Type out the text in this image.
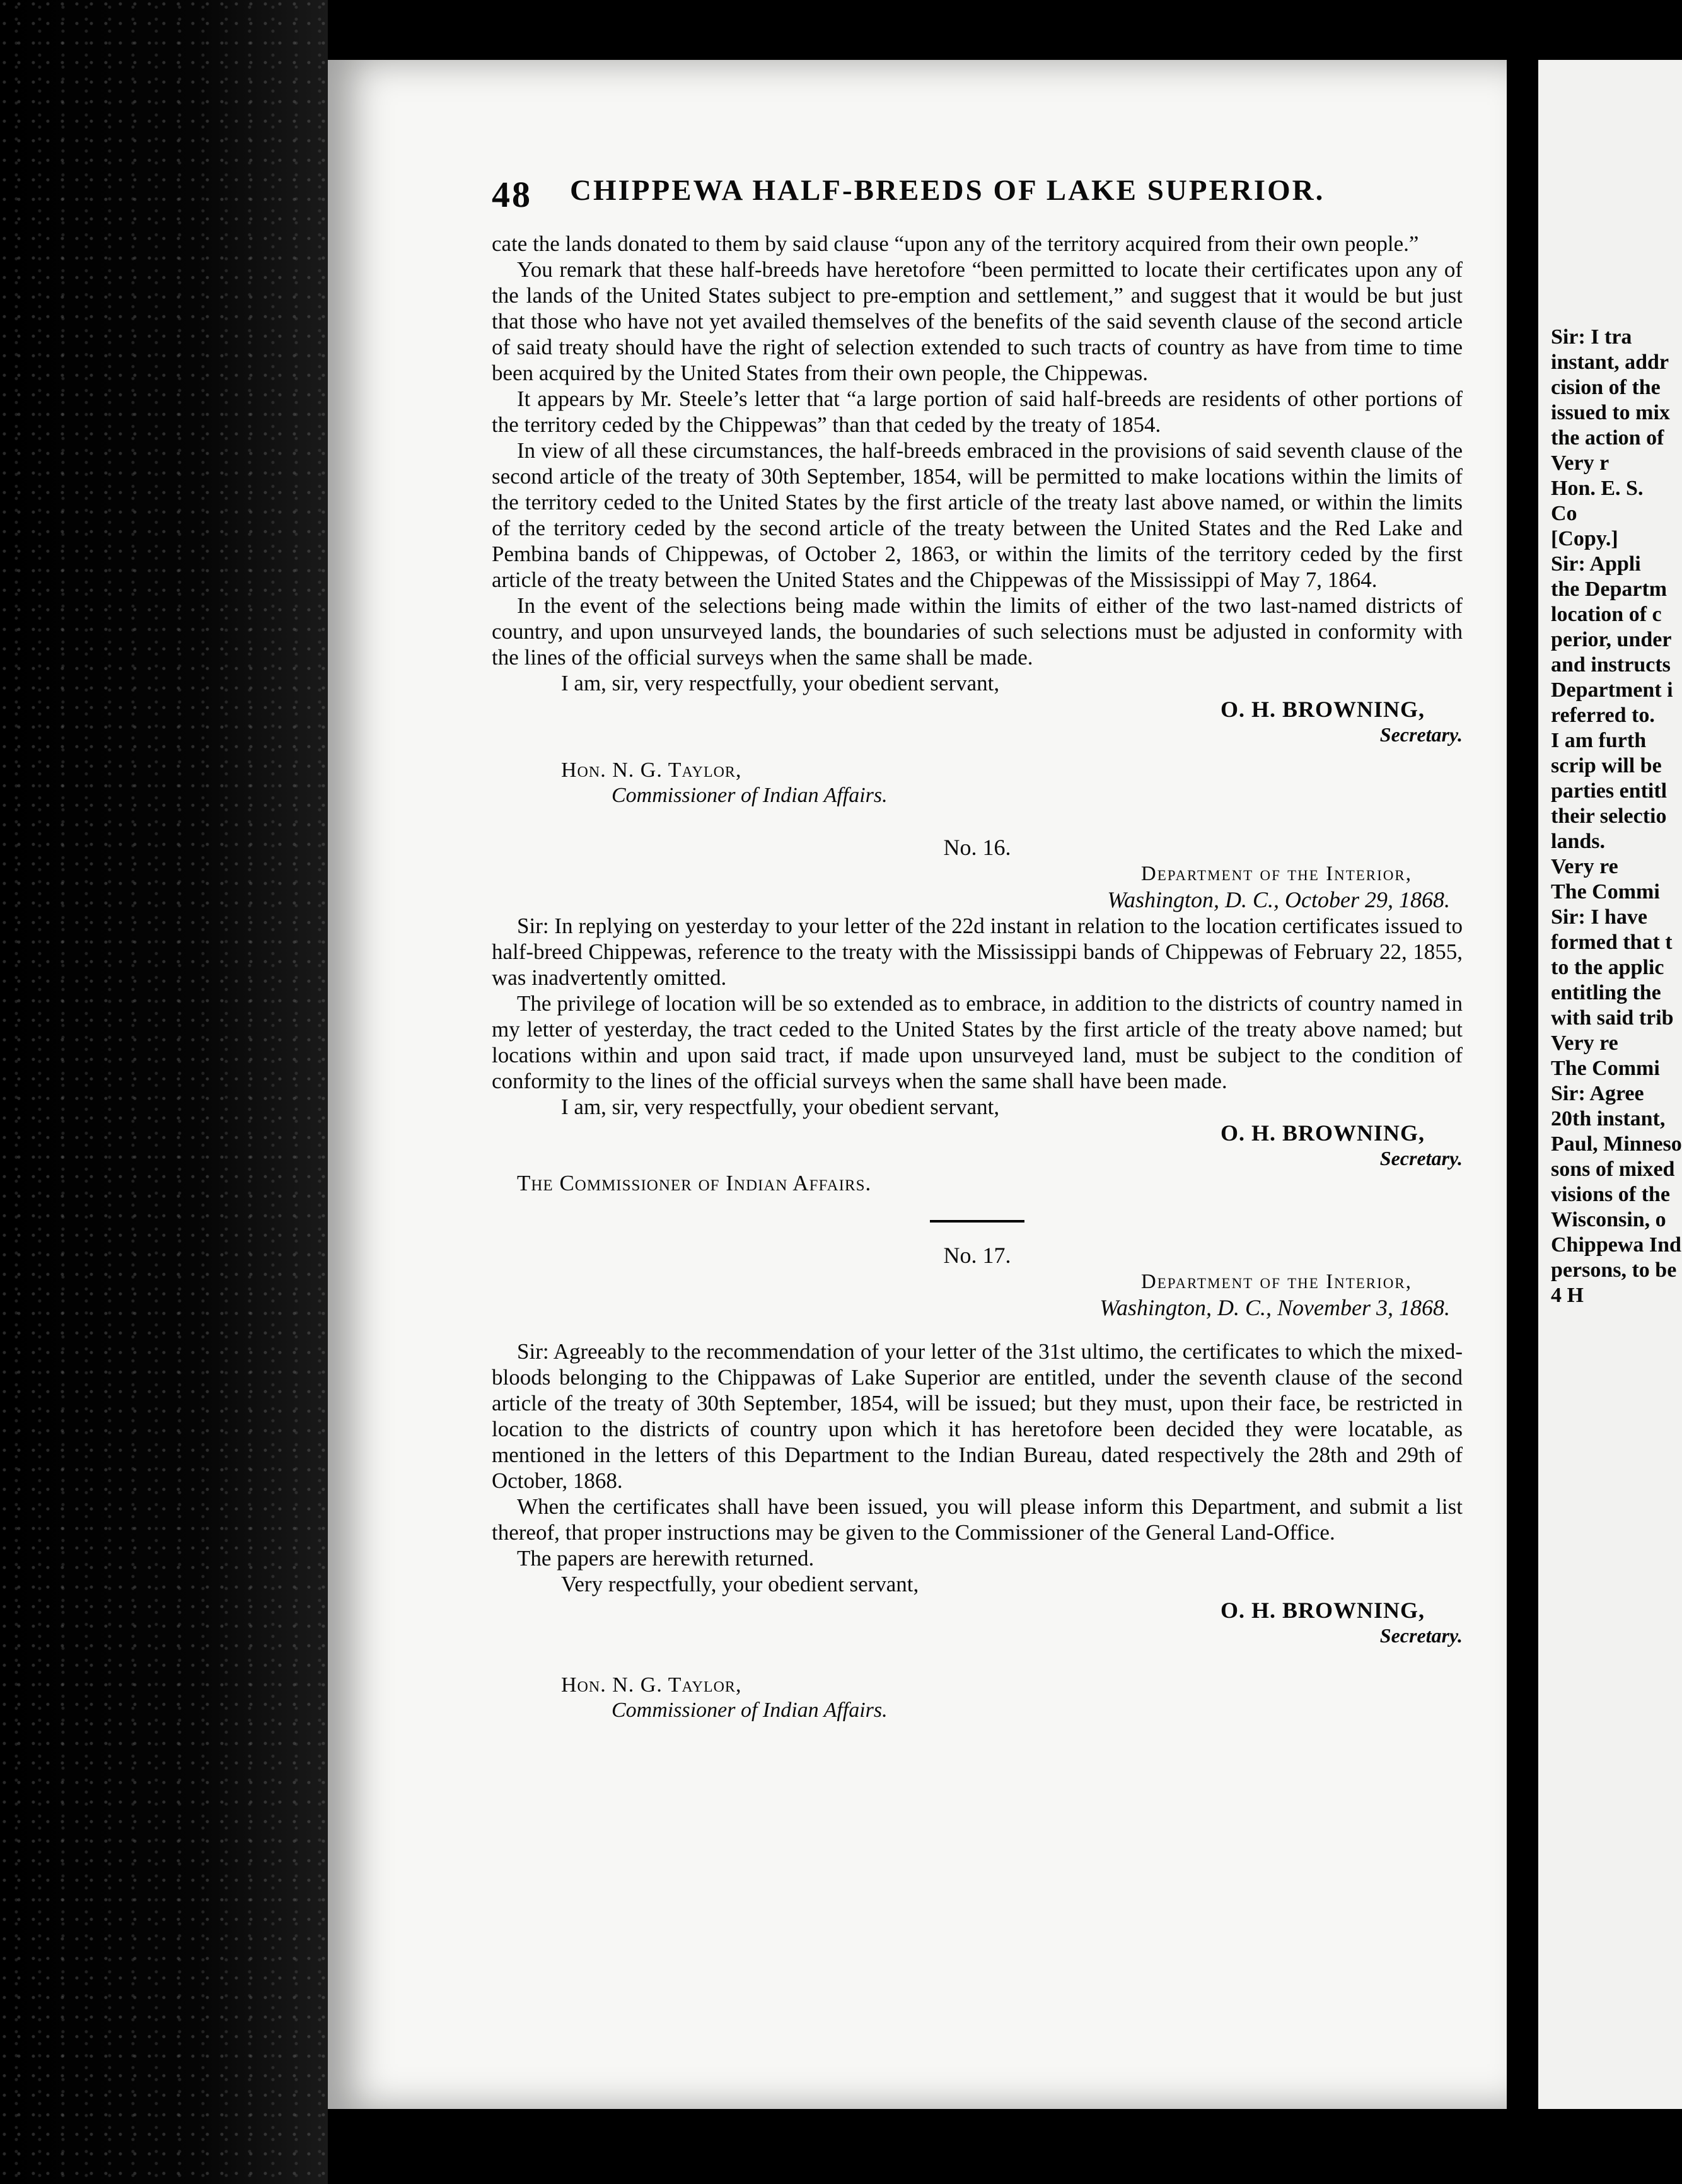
48 CHIPPEWA HALF-BREEDS OF LAKE SUPERIOR.

cate the lands donated to them by said clause “upon any of the territory acquired from their own people.”

You remark that these half-breeds have heretofore “been permitted to locate their certificates upon any of the lands of the United States subject to pre-emption and settlement,” and suggest that it would be but just that those who have not yet availed themselves of the benefits of the said seventh clause of the second article of said treaty should have the right of selection extended to such tracts of country as have from time to time been acquired by the United States from their own people, the Chippewas.

It appears by Mr. Steele’s letter that “a large portion of said half-breeds are residents of other portions of the territory ceded by the Chippewas” than that ceded by the treaty of 1854.

In view of all these circumstances, the half-breeds embraced in the provisions of said seventh clause of the second article of the treaty of 30th September, 1854, will be permitted to make locations within the limits of the territory ceded to the United States by the first article of the treaty last above named, or within the limits of the territory ceded by the second article of the treaty between the United States and the Red Lake and Pembina bands of Chippewas, of October 2, 1863, or within the limits of the territory ceded by the first article of the treaty between the United States and the Chippewas of the Mississippi of May 7, 1864.

In the event of the selections being made within the limits of either of the two last-named districts of country, and upon unsurveyed lands, the boundaries of such selections must be adjusted in conformity with the lines of the official surveys when the same shall be made.

I am, sir, very respectfully, your obedient servant,
O. H. BROWNING,
Secretary.
Hon. N. G. Taylor,
Commissioner of Indian Affairs.
No. 16.
Department of the Interior,
Washington, D. C., October 29, 1868.

Sir: In replying on yesterday to your letter of the 22d instant in relation to the location certificates issued to half-breed Chippewas, reference to the treaty with the Mississippi bands of Chippewas of February 22, 1855, was inadvertently omitted.

The privilege of location will be so extended as to embrace, in addition to the districts of country named in my letter of yesterday, the tract ceded to the United States by the first article of the treaty above named; but locations within and upon said tract, if made upon unsurveyed land, must be subject to the condition of conformity to the lines of the official surveys when the same shall have been made.

I am, sir, very respectfully, your obedient servant,
O. H. BROWNING,
Secretary.
The Commissioner of Indian Affairs.
No. 17.
Department of the Interior,
Washington, D. C., November 3, 1868.

Sir: Agreeably to the recommendation of your letter of the 31st ultimo, the certificates to which the mixed-bloods belonging to the Chippawas of Lake Superior are entitled, under the seventh clause of the second article of the treaty of 30th September, 1854, will be issued; but they must, upon their face, be restricted in location to the districts of country upon which it has heretofore been decided they were locatable, as mentioned in the letters of this Department to the Indian Bureau, dated respectively the 28th and 29th of October, 1868.

When the certificates shall have been issued, you will please inform this Department, and submit a list thereof, that proper instructions may be given to the Commissioner of the General Land-Office.

The papers are herewith returned.

Very respectfully, your obedient servant,
O. H. BROWNING,
Secretary.
Hon. N. G. Taylor,
Commissioner of Indian Affairs.
Sir: I tra
instant, addr
cision of the
issued to mix
the action of
Very r
Hon. E. S.
Co
[Copy.]
Sir: Appli
the Departm
location of c
perior, under
and instructs
Department i
referred to.
I am furth
scrip will be
parties entitl
their selectio
lands.
Very re
The Commi
Sir: I have
formed that t
to the applic
entitling the
with said trib
Very re
The Commi
Sir: Agree
20th instant,
Paul, Minneso
sons of mixed
visions of the
Wisconsin, o
Chippewa Ind
persons, to be
4 H
